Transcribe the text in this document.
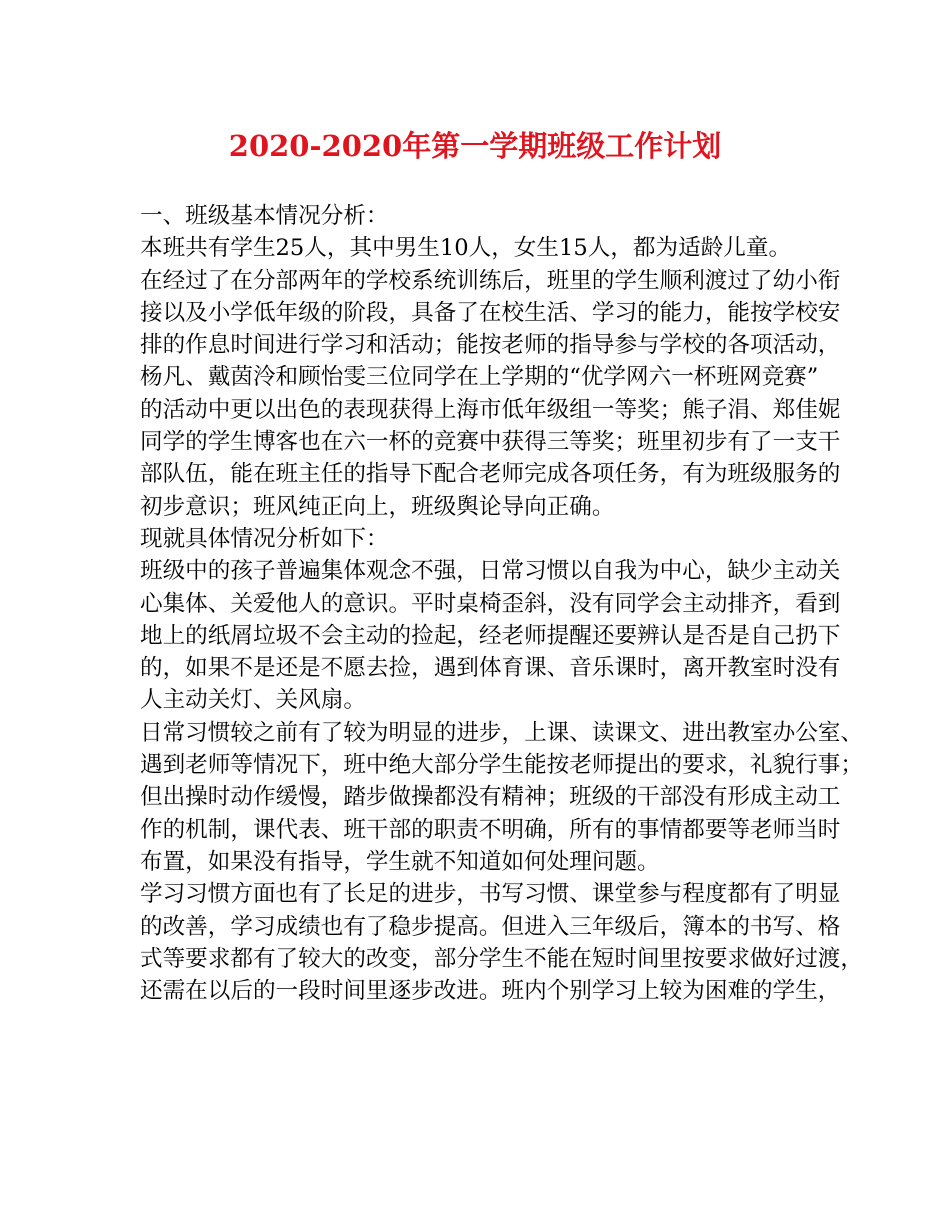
2020-2020年第一学期班级工作计划

一、班级基本情况分析：

本班共有学生25人，其中男生10人，女生15人，都为适龄儿童。

在经过了在分部两年的学校系统训练后，班里的学生顺利渡过了幼小衔

接以及小学低年级的阶段，具备了在校生活、学习的能力，能按学校安

排的作息时间进行学习和活动；能按老师的指导参与学校的各项活动，

杨凡、戴茵泠和顾怡雯三位同学在上学期的“优学网六一杯班网竞赛”

的活动中更以出色的表现获得上海市低年级组一等奖；熊子涓、郑佳妮

同学的学生博客也在六一杯的竞赛中获得三等奖；班里初步有了一支干

部队伍，能在班主任的指导下配合老师完成各项任务，有为班级服务的

初步意识；班风纯正向上，班级舆论导向正确。

现就具体情况分析如下：

班级中的孩子普遍集体观念不强，日常习惯以自我为中心，缺少主动关

心集体、关爱他人的意识。平时桌椅歪斜，没有同学会主动排齐，看到

地上的纸屑垃圾不会主动的捡起，经老师提醒还要辨认是否是自己扔下

的，如果不是还是不愿去捡，遇到体育课、音乐课时，离开教室时没有

人主动关灯、关风扇。

日常习惯较之前有了较为明显的进步，上课、读课文、进出教室办公室、

遇到老师等情况下，班中绝大部分学生能按老师提出的要求，礼貌行事；

但出操时动作缓慢，踏步做操都没有精神；班级的干部没有形成主动工

作的机制，课代表、班干部的职责不明确，所有的事情都要等老师当时

布置，如果没有指导，学生就不知道如何处理问题。

学习习惯方面也有了长足的进步，书写习惯、课堂参与程度都有了明显

的改善，学习成绩也有了稳步提高。但进入三年级后，簿本的书写、格

式等要求都有了较大的改变，部分学生不能在短时间里按要求做好过渡，

还需在以后的一段时间里逐步改进。班内个别学习上较为困难的学生，
